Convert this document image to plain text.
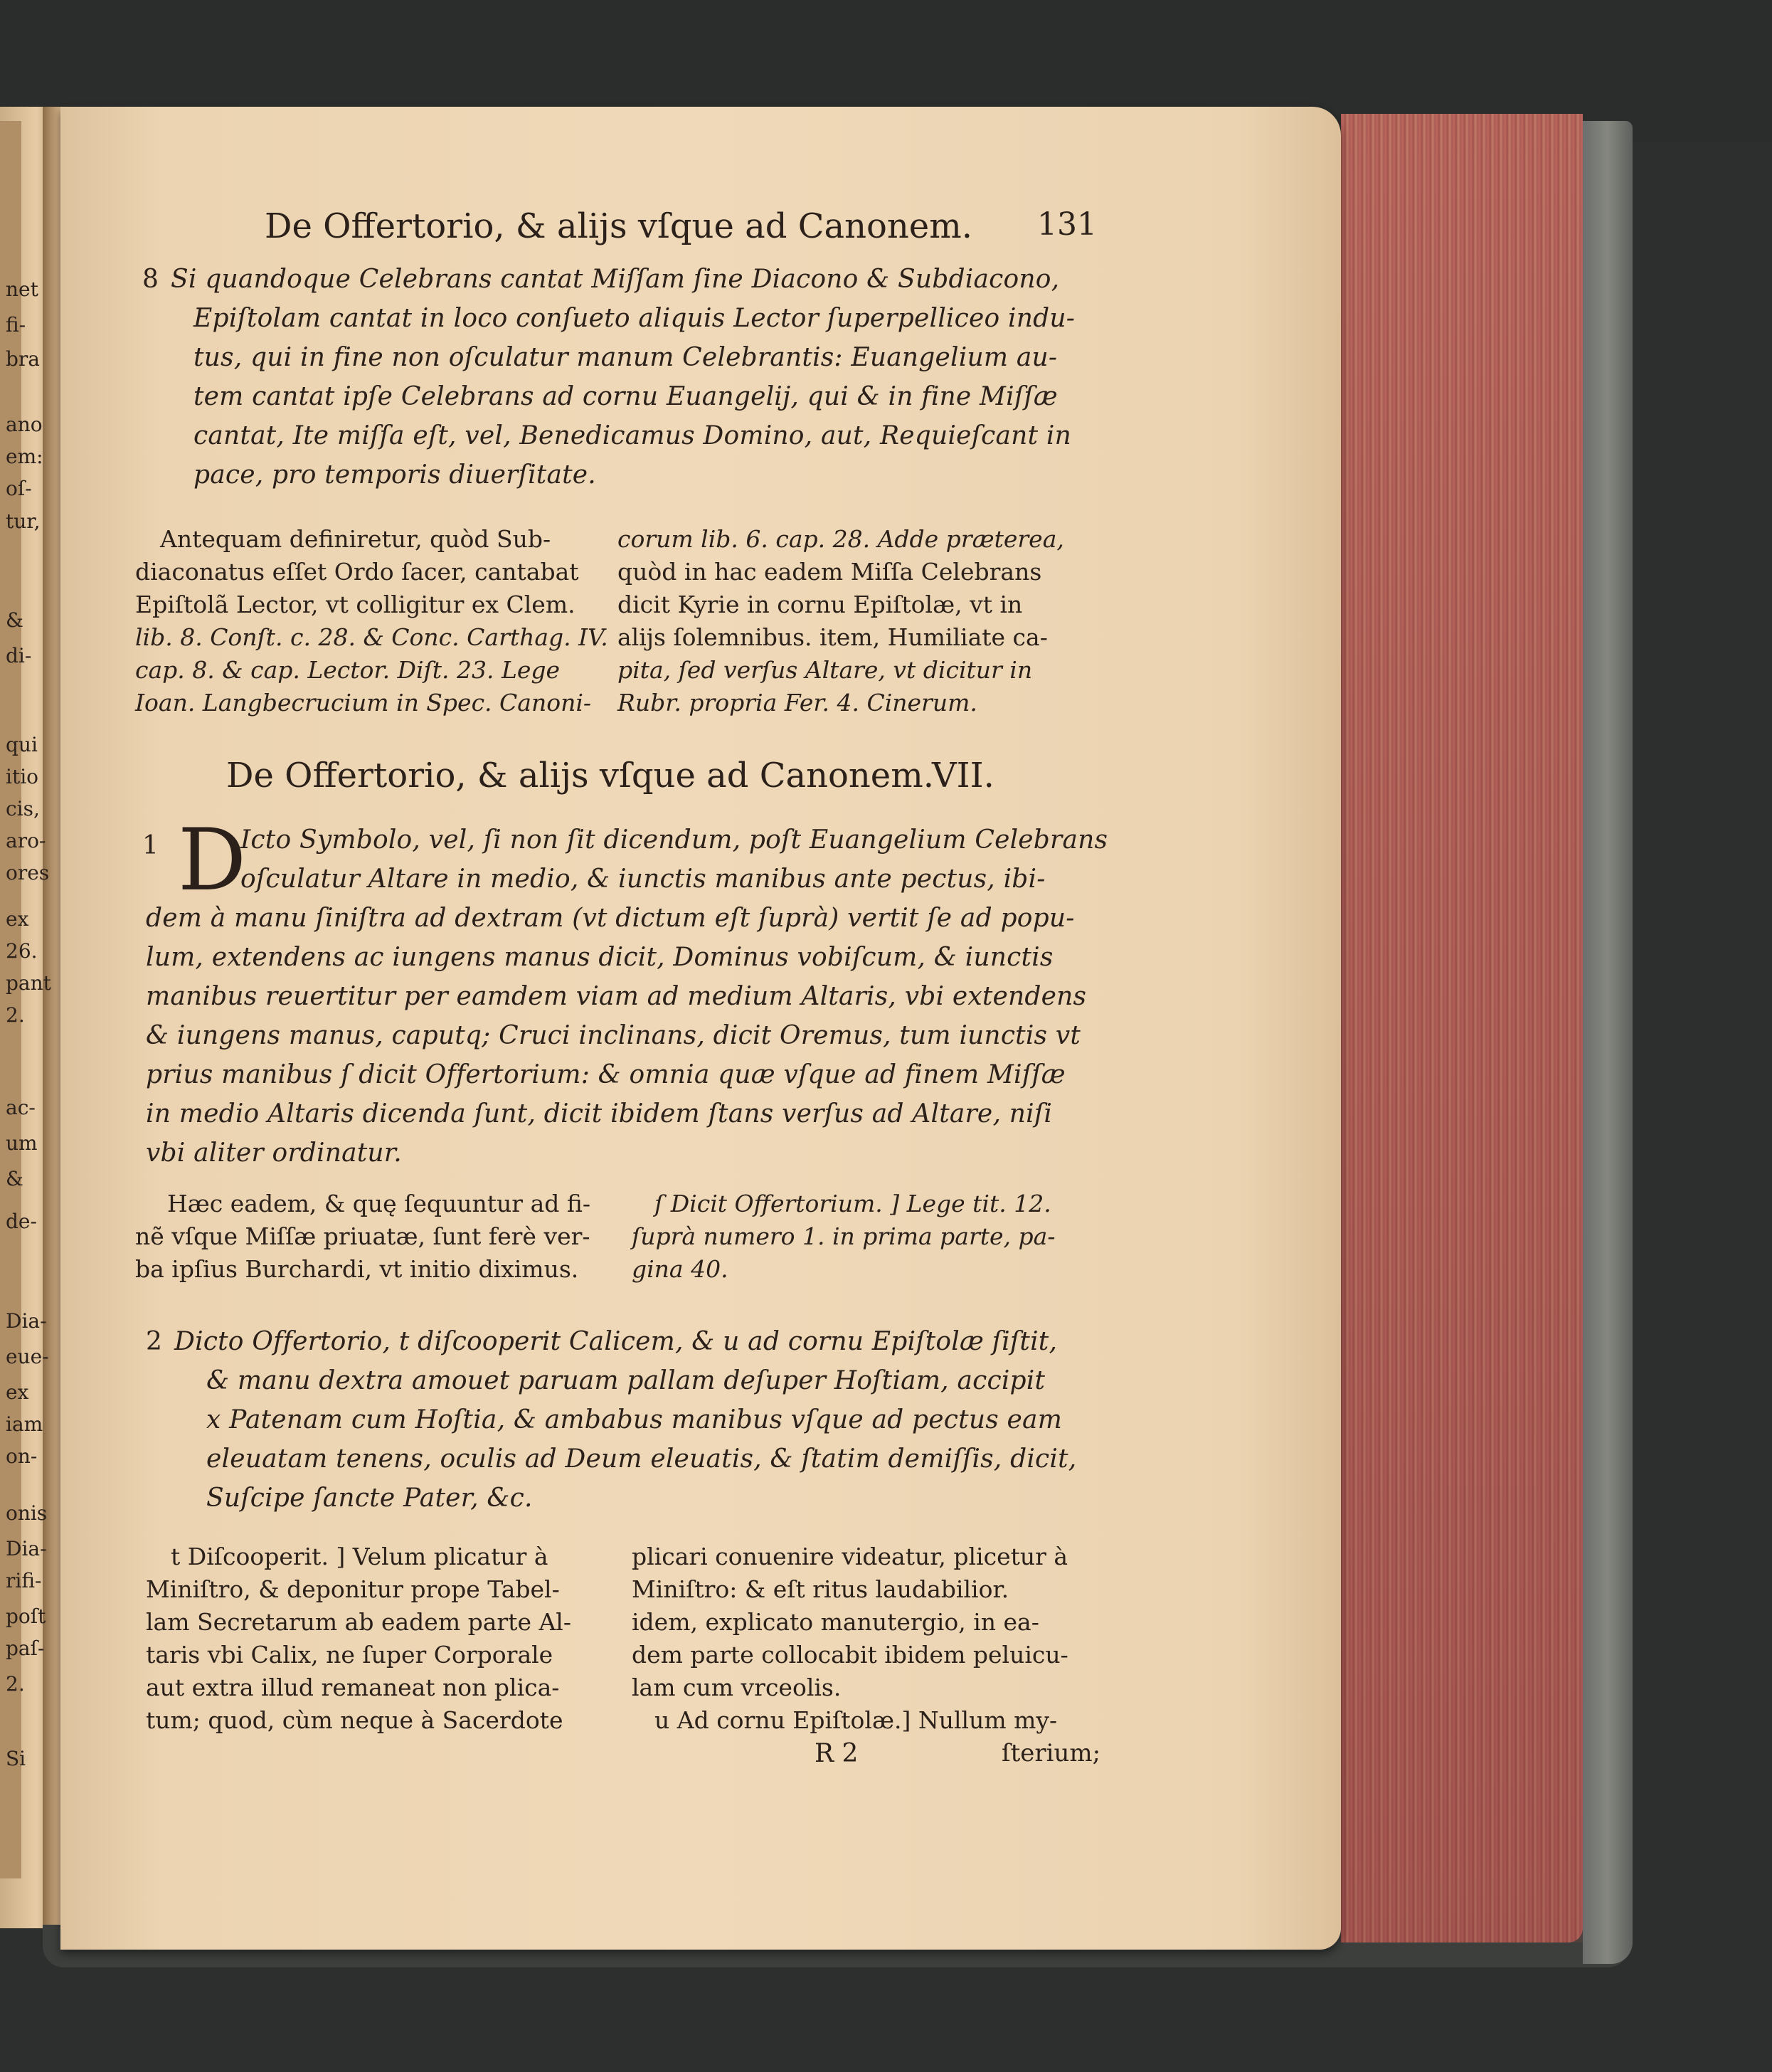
net
fi-
bra
ano
em:
oſ-
tur,
&
di-
qui
itio
cis,
aro-
ores
ex
26.
pant
2.
ac-
um
&
de-
Dia-
eue-
ex
iam
on-
onis
Dia-
rifi-
poſt
paſ-
2.
Si
De Offertorio, & alijs vſque ad Canonem. 131
8 Si quandoque Celebrans cantat Miſſam ſine Diacono & Subdiacono,
Epiſtolam cantat in loco conſueto aliquis Lector ſuperpelliceo indu-
tus, qui in fine non oſculatur manum Celebrantis: Euangelium au-
tem cantat ipſe Celebrans ad cornu Euangelij, qui & in fine Miſſæ
cantat, Ite miſſa eſt, vel, Benedicamus Domino, aut, Requieſcant in
pace, pro temporis diuerſitate.
Antequam definiretur, quòd Sub-
diaconatus eſſet Ordo ſacer, cantabat
Epiſtolã Lector, vt colligitur ex Clem.
lib. 8. Conſt. c. 28. & Conc. Carthag. IV.
cap. 8. & cap. Lector. Diſt. 23. Lege
Ioan. Langbecrucium in Spec. Canoni-
corum lib. 6. cap. 28. Adde præterea,
quòd in hac eadem Miſſa Celebrans
dicit Kyrie in cornu Epiſtolæ, vt in
alijs ſolemnibus. item, Humiliate ca-
pita, ſed verſus Altare, vt dicitur in
Rubr. propria Fer. 4. Cinerum.
De Offertorio, & alijs vſque ad Canonem.
VII.
1 D
Icto Symbolo, vel, ſi non ſit dicendum, poſt Euangelium Celebrans
oſculatur Altare in medio, & iunctis manibus ante pectus, ibi-
dem à manu ſiniſtra ad dextram (vt dictum eſt ſuprà) vertit ſe ad popu-
lum, extendens ac iungens manus dicit, Dominus vobiſcum, & iunctis
manibus reuertitur per eamdem viam ad medium Altaris, vbi extendens
& iungens manus, caputq; Cruci inclinans, dicit Oremus, tum iunctis vt
prius manibus ſ dicit Offertorium: & omnia quæ vſque ad finem Miſſæ
in medio Altaris dicenda ſunt, dicit ibidem ſtans verſus ad Altare, niſi
vbi aliter ordinatur.
Hæc eadem, & quę ſequuntur ad fi-
nẽ vſque Miſſæ priuatæ, ſunt ferè ver-
ba ipſius Burchardi, vt initio diximus.
ſ Dicit Offertorium. ] Lege tit. 12.
ſuprà numero 1. in prima parte, pa-
gina 40.
2 Dicto Offertorio, t diſcooperit Calicem, & u ad cornu Epiſtolæ ſiſtit,
& manu dextra amouet paruam pallam deſuper Hoſtiam, accipit
x Patenam cum Hoſtia, & ambabus manibus vſque ad pectus eam
eleuatam tenens, oculis ad Deum eleuatis, & ſtatim demiſſis, dicit,
Suſcipe ſancte Pater, &c.
t Diſcooperit. ] Velum plicatur à
Miniſtro, & deponitur prope Tabel-
lam Secretarum ab eadem parte Al-
taris vbi Calix, ne ſuper Corporale
aut extra illud remaneat non plica-
tum; quod, cùm neque à Sacerdote
plicari conuenire videatur, plicetur à
Miniſtro: & eſt ritus laudabilior.
idem, explicato manutergio, in ea-
dem parte collocabit ibidem peluicu-
lam cum vrceolis.
u Ad cornu Epiſtolæ.] Nullum my-
R 2	ſterium;
